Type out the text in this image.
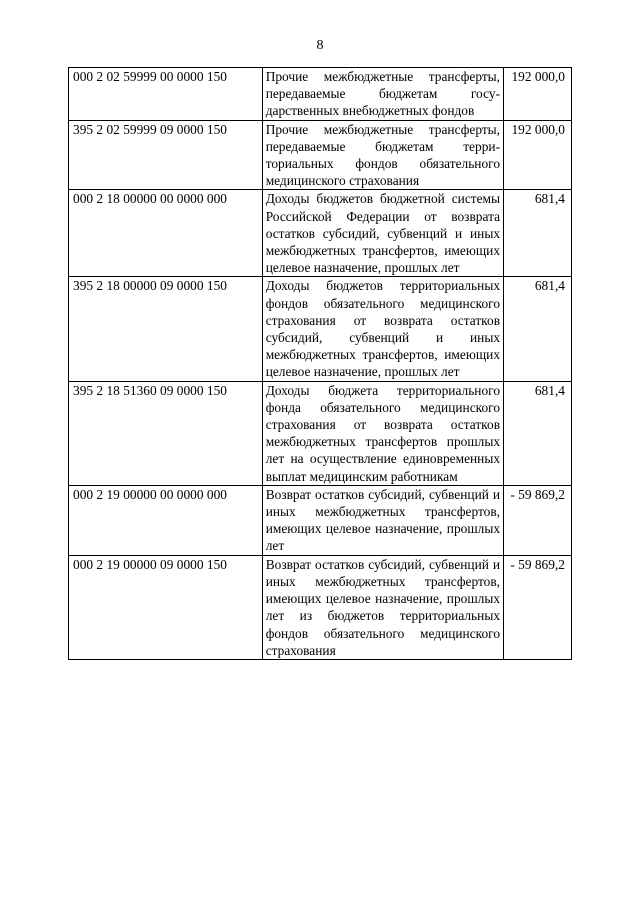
8
000 2 02 59999 00 0000 150	Прочие межбюджетные трансферты, передаваемые бюджетам государственных внебюджетных фондов	192 000,0
395 2 02 59999 09 0000 150	Прочие межбюджетные трансферты, передаваемые бюджетам территориальных фондов обязательного медицинского страхования	192 000,0
000 2 18 00000 00 0000 000	Доходы бюджетов бюджетной системы Российской Федерации от возврата остатков субсидий, субвенций и иных межбюджетных трансфертов, имеющих целевое назначение, прошлых лет	681,4
395 2 18 00000 09 0000 150	Доходы бюджетов территориальных фондов обязательного медицинского страхования от возврата остатков субсидий, субвенций и иных межбюджетных трансфертов, имеющих целевое назначение, прошлых лет	681,4
395 2 18 51360 09 0000 150	Доходы бюджета территориального фонда обязательного медицинского страхования от возврата остатков межбюджетных трансфертов прошлых лет на осуществление единовременных выплат медицинским работникам	681,4
000 2 19 00000 00 0000 000	Возврат остатков субсидий, субвенций и иных межбюджетных трансфертов, имеющих целевое назначение, прошлых лет	- 59 869,2
000 2 19 00000 09 0000 150	Возврат остатков субсидий, субвенций и иных межбюджетных трансфертов, имеющих целевое назначение, прошлых лет из бюджетов территориальных фондов обязательного медицинского страхования	- 59 869,2
